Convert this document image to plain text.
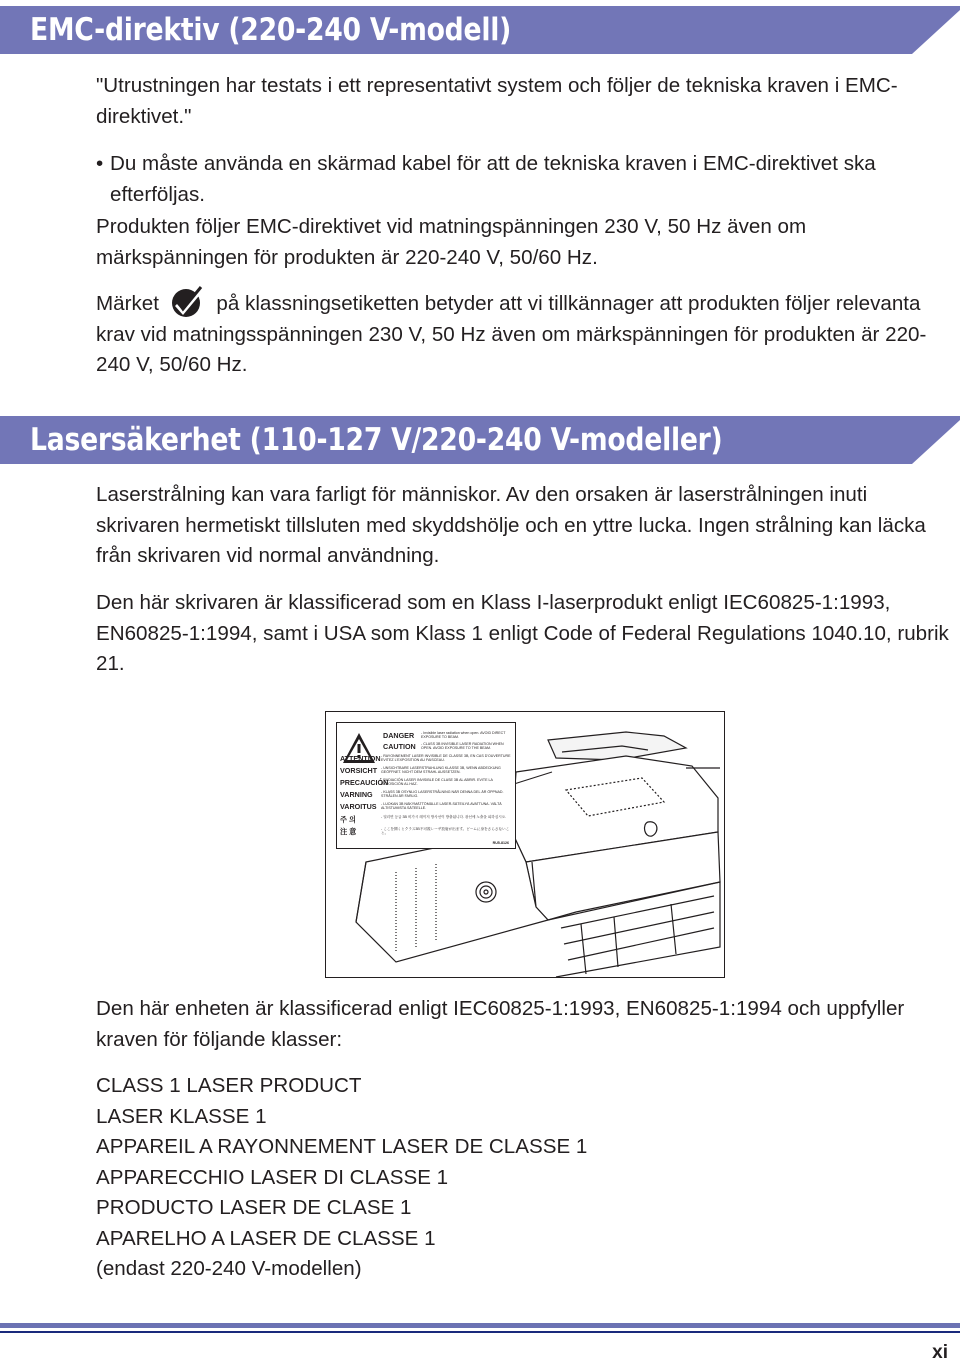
EMC-direktiv (220-240 V-modell)

"Utrustningen har testats i ett representativt system och följer de tekniska kraven i EMC-direktivet."

• Du måste använda en skärmad kabel för att de tekniska kraven i EMC-direktivet ska efterföljas.

Produkten följer EMC-direktivet vid matningspänningen 230 V, 50 Hz även om märkspänningen för produkten är 220-240 V, 50/60 Hz.

Märket	på klassningsetiketten betyder att vi tillkännager att produkten följer relevanta krav vid matningsspänningen 230 V, 50 Hz även om märkspänningen för produkten är 220-240 V, 50/60 Hz.

Lasersäkerhet (110-127 V/220-240 V-modeller)

Laserstrålning kan vara farligt för människor. Av den orsaken är laserstrålningen inuti skrivaren hermetiskt tillsluten med skyddshölje och en yttre lucka. Ingen strålning kan läcka från skrivaren vid normal användning.

Den här skrivaren är klassificerad som en Klass I-laserprodukt enligt IEC60825-1:1993, EN60825-1:1994, samt i USA som Klass 1 enligt Code of Federal Regulations 1040.10, rubrik 21.

DANGER - Invisible laser radiation when open. AVOID DIRECT EXPOSURE TO BEAM.
CAUTION - CLASS 3B INVISIBLE LASER RADIATION WHEN OPEN. AVOID EXPOSURE TO THE BEAM.
ATTENTION - RAYONNEMENT LASER INVISIBLE DE CLASSE 3B, EN CAS D'OUVERTURE EVITEZ L'EXPOSITION AU FAISCEAU.
VORSICHT - UNSICHTBARE LASERSTRAHLUNG KLASSE 3B, WENN ABDECKUNG GEÖFFNET. NICHT DEM STRAHL AUSSETZEN.
PRECAUCIÓN
- RADIACIÓN LASER INVISIBLE DE CLASE 3B AL ABRIR. EVITE LA EXPOSICIÓN AL HAZ.
VARNING - KLASS 3B OSYNLIG LASERSTRÅLNING NÄR DENNA DEL ÄR ÖPPNAD. STRÅLEN ÄR FARLIG.
VAROITUS - LUOKAN 3B NÄKYMÄTTÖMÄLLE LASER-SÄTEILYÄ AVATTUNA. VÄLTÄ ALTISTUMISTA SÄTEELLE.
주 의	- 열리면 등급 3B 비가시 레이저 방사선이 방출됩니다. 광선에 노출을 피하십시오.
注 意	- ここを開くとクラス3B不可視レーザ放射が出ます。ビームに身をさらさないこと。
RU5-8126

Den här enheten är klassificerad enligt IEC60825-1:1993, EN60825-1:1994 och uppfyller kraven för följande klasser:

CLASS 1 LASER PRODUCT
LASER KLASSE 1
APPAREIL A RAYONNEMENT LASER DE CLASSE 1
APPARECCHIO LASER DI CLASSE 1
PRODUCTO LASER DE CLASE 1
APARELHO A LASER DE CLASSE 1
(endast 220-240 V-modellen)
xi
